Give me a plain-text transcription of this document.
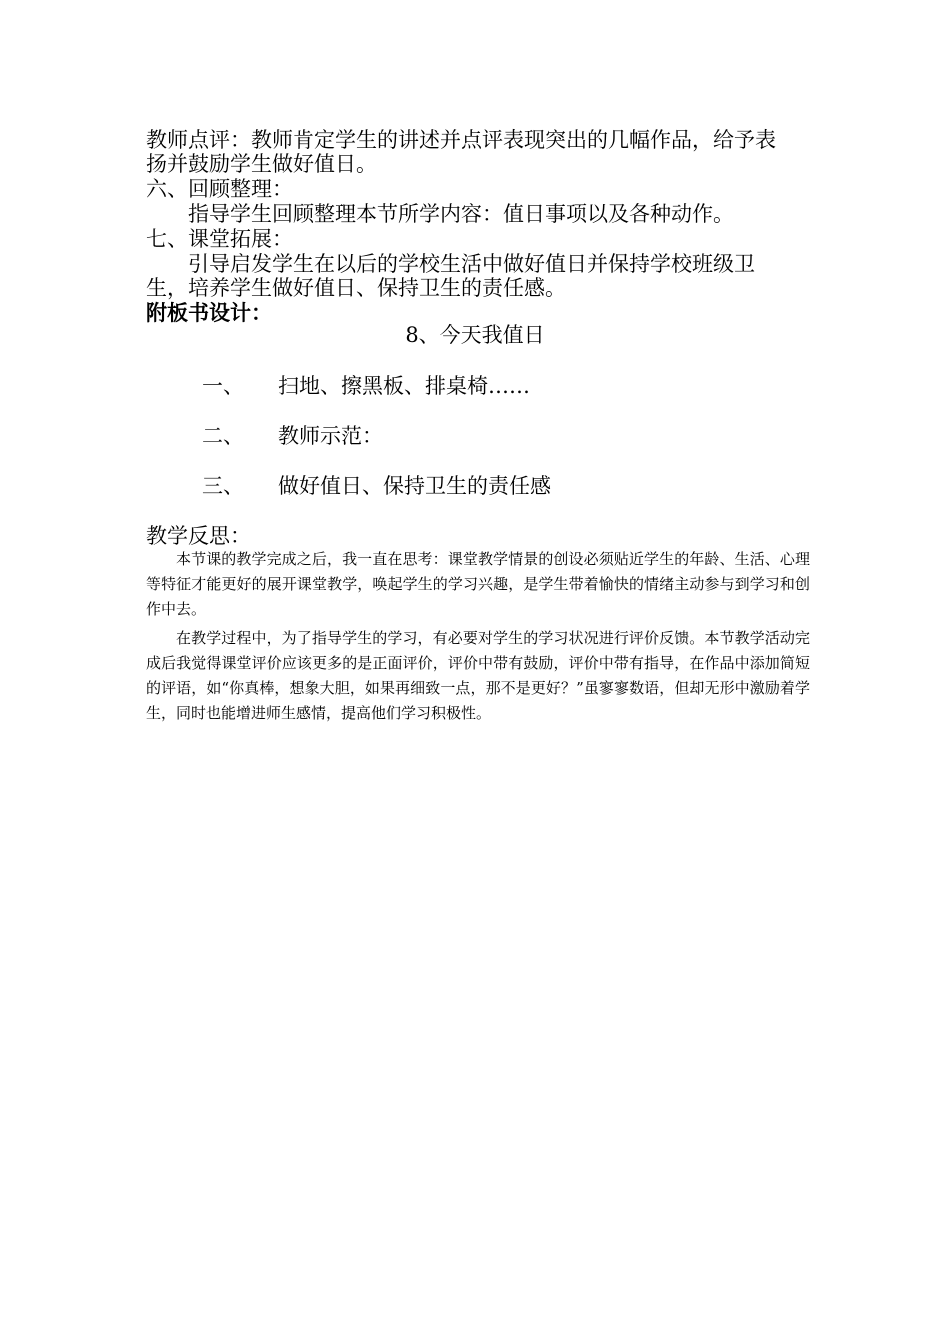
教师点评：教师肯定学生的讲述并点评表现突出的几幅作品，给予表
扬并鼓励学生做好值日。
六、回顾整理：
指导学生回顾整理本节所学内容：值日事项以及各种动作。
七、课堂拓展：
引导启发学生在以后的学校生活中做好值日并保持学校班级卫
生，培养学生做好值日、保持卫生的责任感。
附板书设计：
8、今天我值日
一、 扫地、擦黑板、排桌椅……
二、 教师示范：
三、 做好值日、保持卫生的责任感
教学反思：

本节课的教学完成之后，我一直在思考：课堂教学情景的创设必须贴近学生的年龄、生活、心理等特征才能更好的展开课堂教学，唤起学生的学习兴趣，是学生带着愉快的情绪主动参与到学习和创作中去。

在教学过程中，为了指导学生的学习，有必要对学生的学习状况进行评价反馈。本节教学活动完成后我觉得课堂评价应该更多的是正面评价，评价中带有鼓励，评价中带有指导，在作品中添加简短的评语，如“你真棒，想象大胆，如果再细致一点，那不是更好？”虽寥寥数语，但却无形中激励着学生，同时也能增进师生感情，提高他们学习积极性。
